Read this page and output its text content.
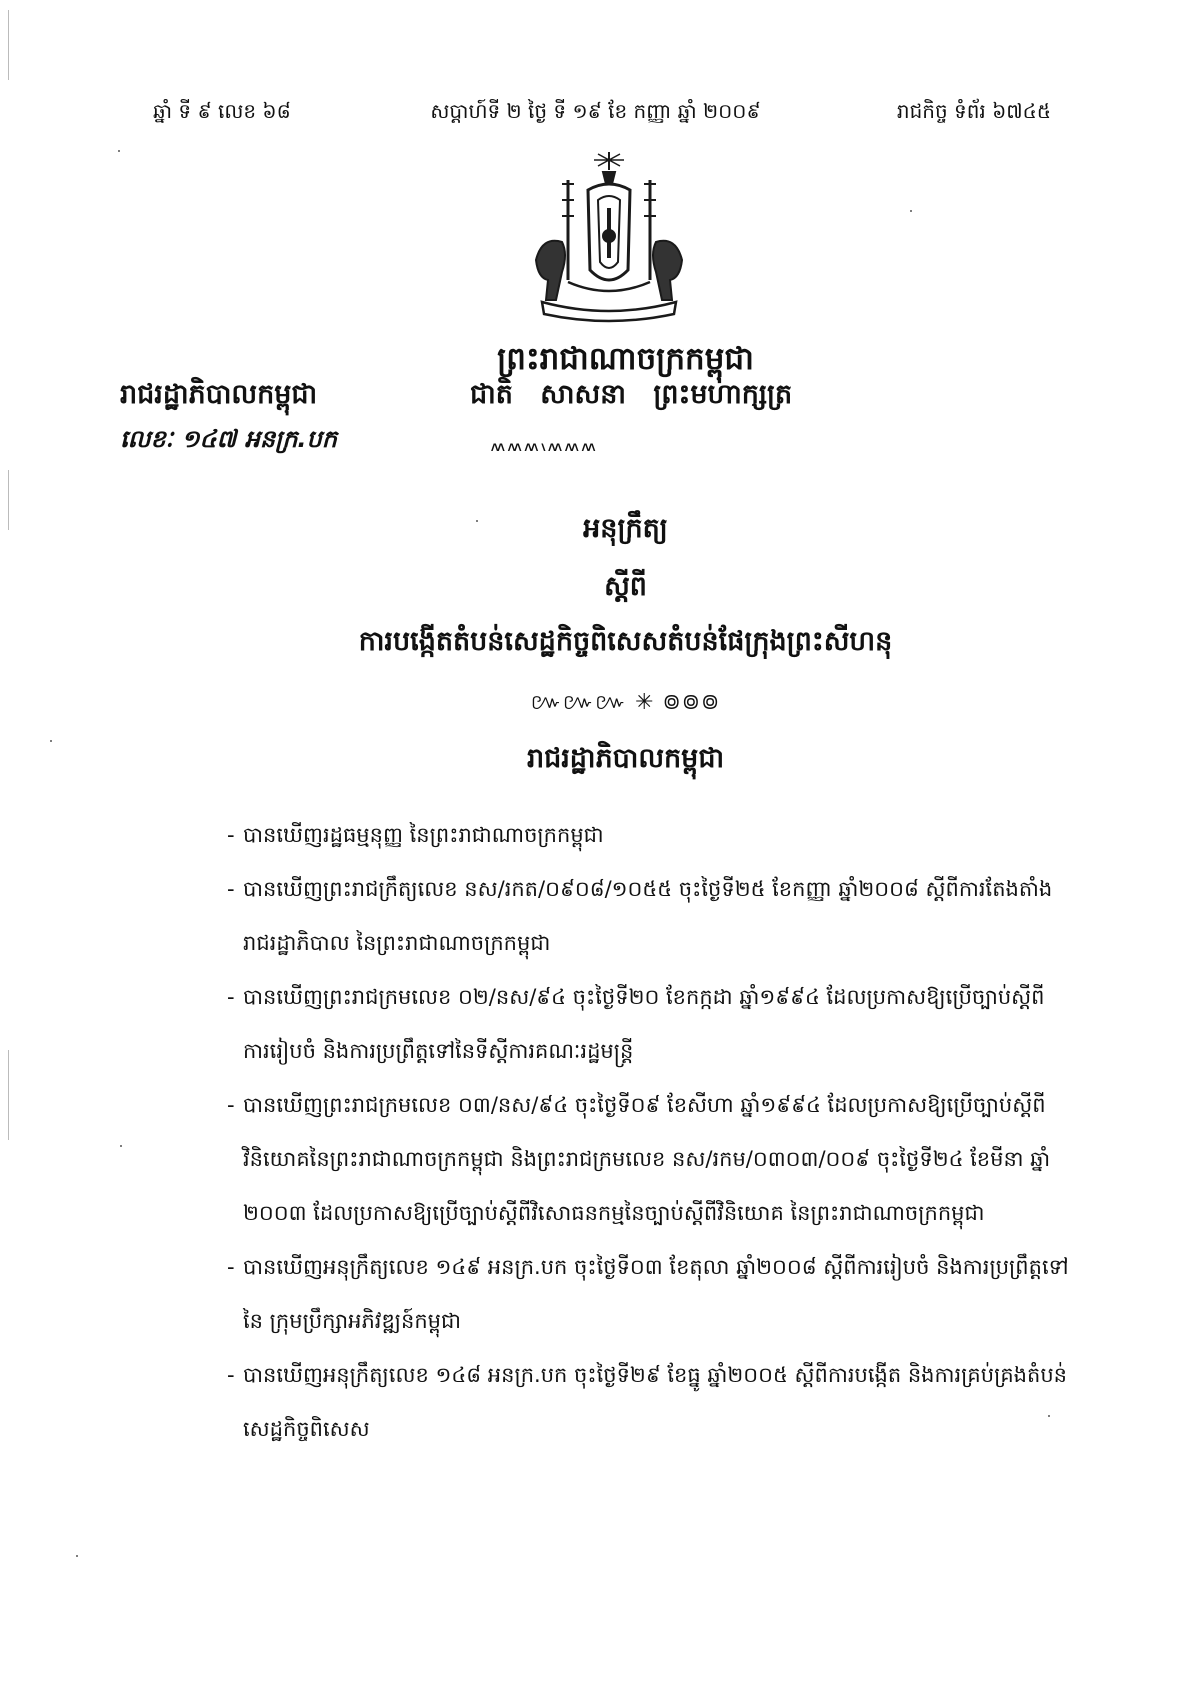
ឆ្នាំ ទី ៩ លេខ ៦៨	សប្តាហ៍ទី ២ ថ្ងៃ ទី ១៩ ខែ កញ្ញា ឆ្នាំ ២០០៩	រាជកិច្ច ទំព័រ ៦៧៤៥
ព្រះរាជាណាចក្រកម្ពុជា
រាជរដ្ឋាភិបាលកម្ពុជា	ជាតិ សាសនា ព្រះមហាក្សត្រ
លេខៈ ១៤៧ អនក្រ.បក	៳៳៳៶៳៳៳
អនុក្រឹត្យ
ស្តីពី
ការបង្កើតតំបន់សេដ្ឋកិច្ចពិសេសតំបន់ផែក្រុងព្រះសីហនុ
៚៚៚ ✳ ៙៙៙
រាជរដ្ឋាភិបាលកម្ពុជា
- បានឃើញរដ្ឋធម្មនុញ្ញ នៃព្រះរាជាណាចក្រកម្ពុជា
- បានឃើញព្រះរាជក្រឹត្យលេខ នស/រកត/០៩០៨/១០៥៥ ចុះថ្ងៃទី២៥ ខែកញ្ញា ឆ្នាំ២០០៨ ស្តីពីការតែងតាំង រាជរដ្ឋាភិបាល នៃព្រះរាជាណាចក្រកម្ពុជា
- បានឃើញព្រះរាជក្រមលេខ ០២/នស/៩៤ ចុះថ្ងៃទី២០ ខែកក្កដា ឆ្នាំ១៩៩៤ ដែលប្រកាសឱ្យប្រើច្បាប់ស្តីពី ការរៀបចំ និងការប្រព្រឹត្តទៅនៃទីស្តីការគណៈរដ្ឋមន្ត្រី
- បានឃើញព្រះរាជក្រមលេខ ០៣/នស/៩៤ ចុះថ្ងៃទី០៩ ខែសីហា ឆ្នាំ១៩៩៤ ដែលប្រកាសឱ្យប្រើច្បាប់ស្តីពី វិនិយោគនៃព្រះរាជាណាចក្រកម្ពុជា និងព្រះរាជក្រមលេខ នស/រកម/០៣០៣/០០៩ ចុះថ្ងៃទី២៤ ខែមីនា ឆ្នាំ ២០០៣ ដែលប្រកាសឱ្យប្រើច្បាប់ស្តីពីវិសោធនកម្មនៃច្បាប់ស្តីពីវិនិយោគ នៃព្រះរាជាណាចក្រកម្ពុជា
- បានឃើញអនុក្រឹត្យលេខ ១៤៩ អនក្រ.បក ចុះថ្ងៃទី០៣ ខែតុលា ឆ្នាំ២០០៨ ស្តីពីការរៀបចំ និងការប្រព្រឹត្តទៅនៃ ក្រុមប្រឹក្សាអភិវឌ្ឍន៍កម្ពុជា
- បានឃើញអនុក្រឹត្យលេខ ១៤៨ អនក្រ.បក ចុះថ្ងៃទី២៩ ខែធ្នូ ឆ្នាំ២០០៥ ស្តីពីការបង្កើត និងការគ្រប់គ្រងតំបន់ សេដ្ឋកិច្ចពិសេស
